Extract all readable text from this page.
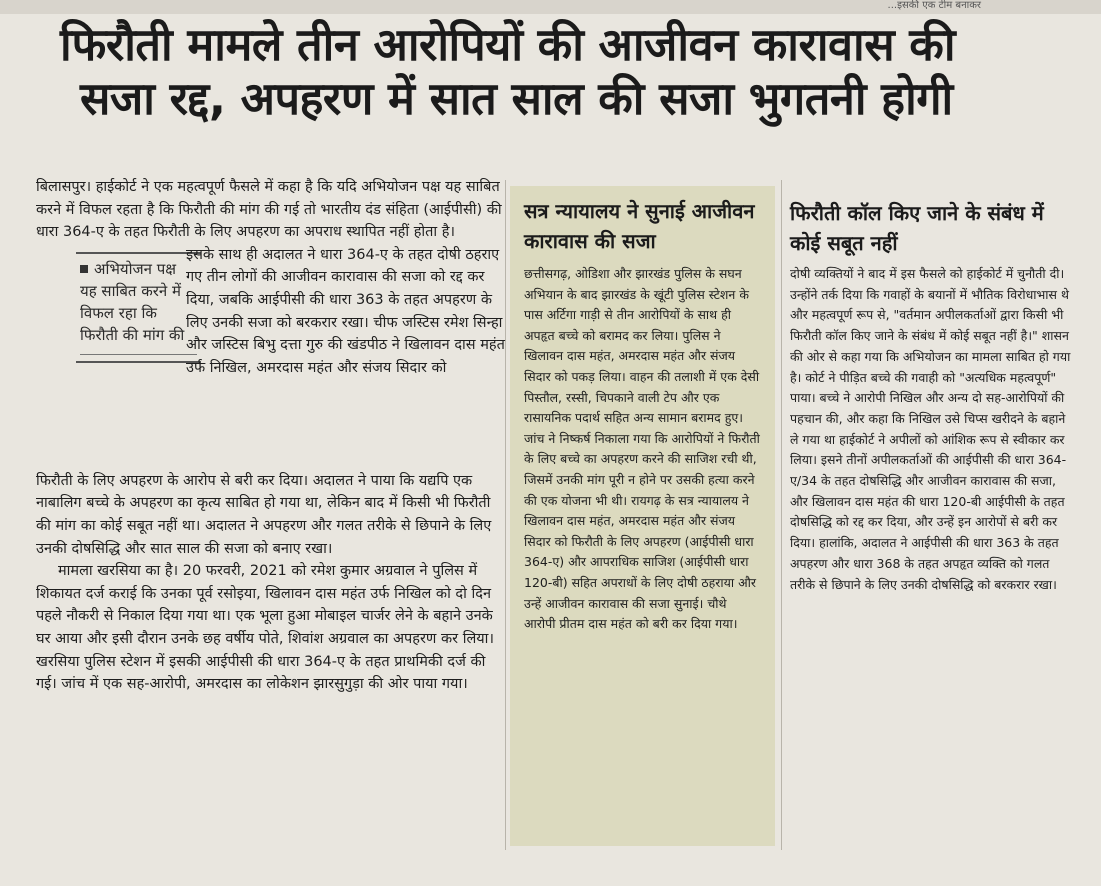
...इसकी एक टीम बनाकर
फिरौती मामले तीन आरोपियों की आजीवन कारावास की
सजा रद्द, अपहरण में सात साल की सजा भुगतनी होगी

बिलासपुर। हाईकोर्ट ने एक महत्वपूर्ण फैसले में कहा है कि यदि अभियोजन पक्ष यह साबित करने में विफल रहता है कि फिरौती की मांग की गई तो भारतीय दंड संहिता (आईपीसी) की धारा 364-ए के तहत फिरौती के लिए अपहरण का अपराध स्थापित नहीं होता है।

अभियोजन पक्ष यह साबित करने में विफल रहा कि फिरौती की मांग की
इसके साथ ही अदालत ने धारा 364-ए के तहत दोषी ठहराए गए तीन लोगों की आजीवन कारावास की सजा को रद्द कर दिया, जबकि आईपीसी की धारा 363 के तहत अपहरण के लिए उनकी सजा को बरकरार रखा। चीफ जस्टिस रमेश सिन्हा और जस्टिस बिभु दत्ता गुरु की खंडपीठ ने खिलावन दास महंत उर्फ निखिल, अमरदास महंत और संजय सिदार को

फिरौती के लिए अपहरण के आरोप से बरी कर दिया। अदालत ने पाया कि यद्यपि एक नाबालिग बच्चे के अपहरण का कृत्य साबित हो गया था, लेकिन बाद में किसी भी फिरौती की मांग का कोई सबूत नहीं था। अदालत ने अपहरण और गलत तरीके से छिपाने के लिए उनकी दोषसिद्धि और सात साल की सजा को बनाए रखा।

मामला खरसिया का है। 20 फरवरी, 2021 को रमेश कुमार अग्रवाल ने पुलिस में शिकायत दर्ज कराई कि उनका पूर्व रसोइया, खिलावन दास महंत उर्फ निखिल को दो दिन पहले नौकरी से निकाल दिया गया था। एक भूला हुआ मोबाइल चार्जर लेने के बहाने उनके घर आया और इसी दौरान उनके छह वर्षीय पोते, शिवांश अग्रवाल का अपहरण कर लिया। खरसिया पुलिस स्टेशन में इसकी आईपीसी की धारा 364-ए के तहत प्राथमिकी दर्ज की गई। जांच में एक सह-आरोपी, अमरदास का लोकेशन झारसुगुड़ा की ओर पाया गया।

सत्र न्यायालय ने सुनाई आजीवन कारावास की सजा

छत्तीसगढ़, ओडिशा और झारखंड पुलिस के सघन अभियान के बाद झारखंड के खूंटी पुलिस स्टेशन के पास अर्टिगा गाड़ी से तीन आरोपियों के साथ ही अपहृत बच्चे को बरामद कर लिया। पुलिस ने खिलावन दास महंत, अमरदास महंत और संजय सिदार को पकड़ लिया। वाहन की तलाशी में एक देसी पिस्तौल, रस्सी, चिपकाने वाली टेप और एक रासायनिक पदार्थ सहित अन्य सामान बरामद हुए। जांच ने निष्कर्ष निकाला गया कि आरोपियों ने फिरौती के लिए बच्चे का अपहरण करने की साजिश रची थी, जिसमें उनकी मांग पूरी न होने पर उसकी हत्या करने की एक योजना भी थी। रायगढ़ के सत्र न्यायालय ने खिलावन दास महंत, अमरदास महंत और संजय सिदार को फिरौती के लिए अपहरण (आईपीसी धारा 364-ए) और आपराधिक साजिश (आईपीसी धारा 120-बी) सहित अपराधों के लिए दोषी ठहराया और उन्हें आजीवन कारावास की सजा सुनाई। चौथे आरोपी प्रीतम दास महंत को बरी कर दिया गया।

फिरौती कॉल किए जाने के संबंध में कोई सबूत नहीं

दोषी व्यक्तियों ने बाद में इस फैसले को हाईकोर्ट में चुनौती दी। उन्होंने तर्क दिया कि गवाहों के बयानों में भौतिक विरोधाभास थे और महत्वपूर्ण रूप से, "वर्तमान अपीलकर्ताओं द्वारा किसी भी फिरौती कॉल किए जाने के संबंध में कोई सबूत नहीं है।" शासन की ओर से कहा गया कि अभियोजन का मामला साबित हो गया है। कोर्ट ने पीड़ित बच्चे की गवाही को "अत्यधिक महत्वपूर्ण" पाया। बच्चे ने आरोपी निखिल और अन्य दो सह-आरोपियों की पहचान की, और कहा कि निखिल उसे चिप्स खरीदने के बहाने ले गया था हाईकोर्ट ने अपीलों को आंशिक रूप से स्वीकार कर लिया। इसने तीनों अपीलकर्ताओं की आईपीसी की धारा 364-ए/34 के तहत दोषसिद्धि और आजीवन कारावास की सजा, और खिलावन दास महंत की धारा 120-बी आईपीसी के तहत दोषसिद्धि को रद्द कर दिया, और उन्हें इन आरोपों से बरी कर दिया। हालांकि, अदालत ने आईपीसी की धारा 363 के तहत अपहरण और धारा 368 के तहत अपहृत व्यक्ति को गलत तरीके से छिपाने के लिए उनकी दोषसिद्धि को बरकरार रखा।
